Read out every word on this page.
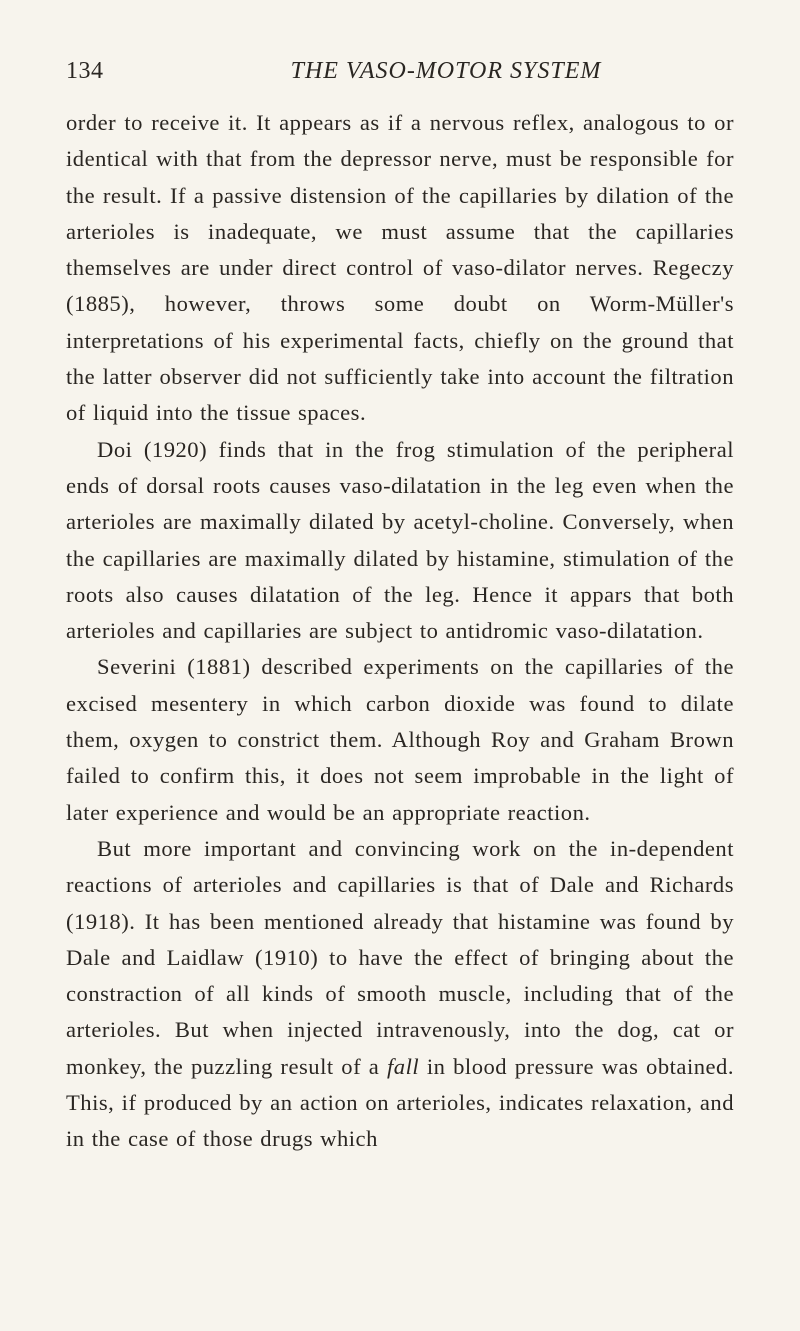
134	THE VASO-MOTOR SYSTEM

order to receive it. It appears as if a nervous reflex, analogous to or identical with that from the depressor nerve, must be responsible for the result. If a passive distension of the capillaries by dilation of the arterioles is inadequate, we must assume that the capillaries themselves are under direct control of vaso-dilator nerves. Regeczy (1885), however, throws some doubt on Worm-Müller's interpretations of his experimental facts, chiefly on the ground that the latter observer did not sufficiently take into account the filtration of liquid into the tissue spaces.

Doi (1920) finds that in the frog stimulation of the peripheral ends of dorsal roots causes vaso-dilatation in the leg even when the arterioles are maximally dilated by acetyl-choline. Conversely, when the capillaries are maximally dilated by histamine, stimulation of the roots also causes dilatation of the leg. Hence it appars that both arterioles and capillaries are subject to antidromic vaso-dilatation.

Severini (1881) described experiments on the capillaries of the excised mesentery in which carbon dioxide was found to dilate them, oxygen to constrict them. Although Roy and Graham Brown failed to confirm this, it does not seem improbable in the light of later experience and would be an appropriate reaction.

But more important and convincing work on the in-dependent reactions of arterioles and capillaries is that of Dale and Richards (1918). It has been mentioned already that histamine was found by Dale and Laidlaw (1910) to have the effect of bringing about the constraction of all kinds of smooth muscle, including that of the arterioles. But when injected intravenously, into the dog, cat or monkey, the puzzling result of a fall in blood pressure was obtained. This, if produced by an action on arterioles, indicates relaxation, and in the case of those drugs which
